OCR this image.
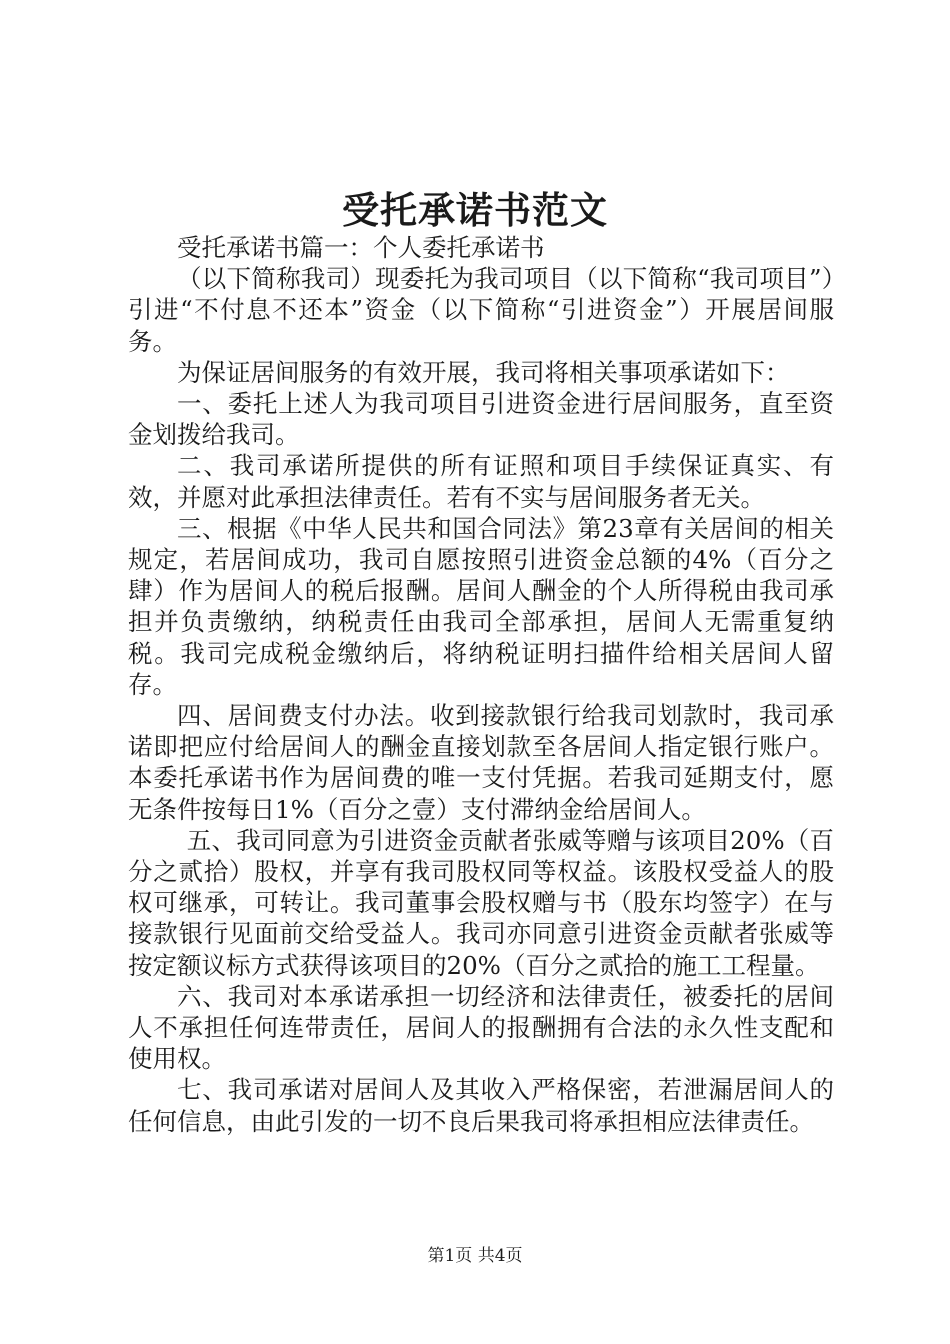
受托承诺书范文

受托承诺书篇一：个人委托承诺书

（以下简称我司）现委托为我司项目（以下简称“我司项目”）引进“不付息不还本”资金（以下简称“引进资金”）开展居间服务。

为保证居间服务的有效开展，我司将相关事项承诺如下：

一、委托上述人为我司项目引进资金进行居间服务，直至资金划拨给我司。

二、我司承诺所提供的所有证照和项目手续保证真实、有效，并愿对此承担法律责任。若有不实与居间服务者无关。

三、根据《中华人民共和国合同法》第23章有关居间的相关规定，若居间成功，我司自愿按照引进资金总额的4%（百分之肆）作为居间人的税后报酬。居间人酬金的个人所得税由我司承担并负责缴纳，纳税责任由我司全部承担，居间人无需重复纳税。我司完成税金缴纳后，将纳税证明扫描件给相关居间人留存。

四、居间费支付办法。收到接款银行给我司划款时，我司承诺即把应付给居间人的酬金直接划款至各居间人指定银行账户。本委托承诺书作为居间费的唯一支付凭据。若我司延期支付，愿无条件按每日1%（百分之壹）支付滞纳金给居间人。

五、我司同意为引进资金贡献者张威等赠与该项目20%（百分之贰拾）股权，并享有我司股权同等权益。该股权受益人的股权可继承，可转让。我司董事会股权赠与书（股东均签字）在与接款银行见面前交给受益人。我司亦同意引进资金贡献者张威等按定额议标方式获得该项目的20%（百分之贰拾的施工工程量。

六、我司对本承诺承担一切经济和法律责任，被委托的居间人不承担任何连带责任，居间人的报酬拥有合法的永久性支配和使用权。

七、我司承诺对居间人及其收入严格保密，若泄漏居间人的任何信息，由此引发的一切不良后果我司将承担相应法律责任。

第1页 共4页
